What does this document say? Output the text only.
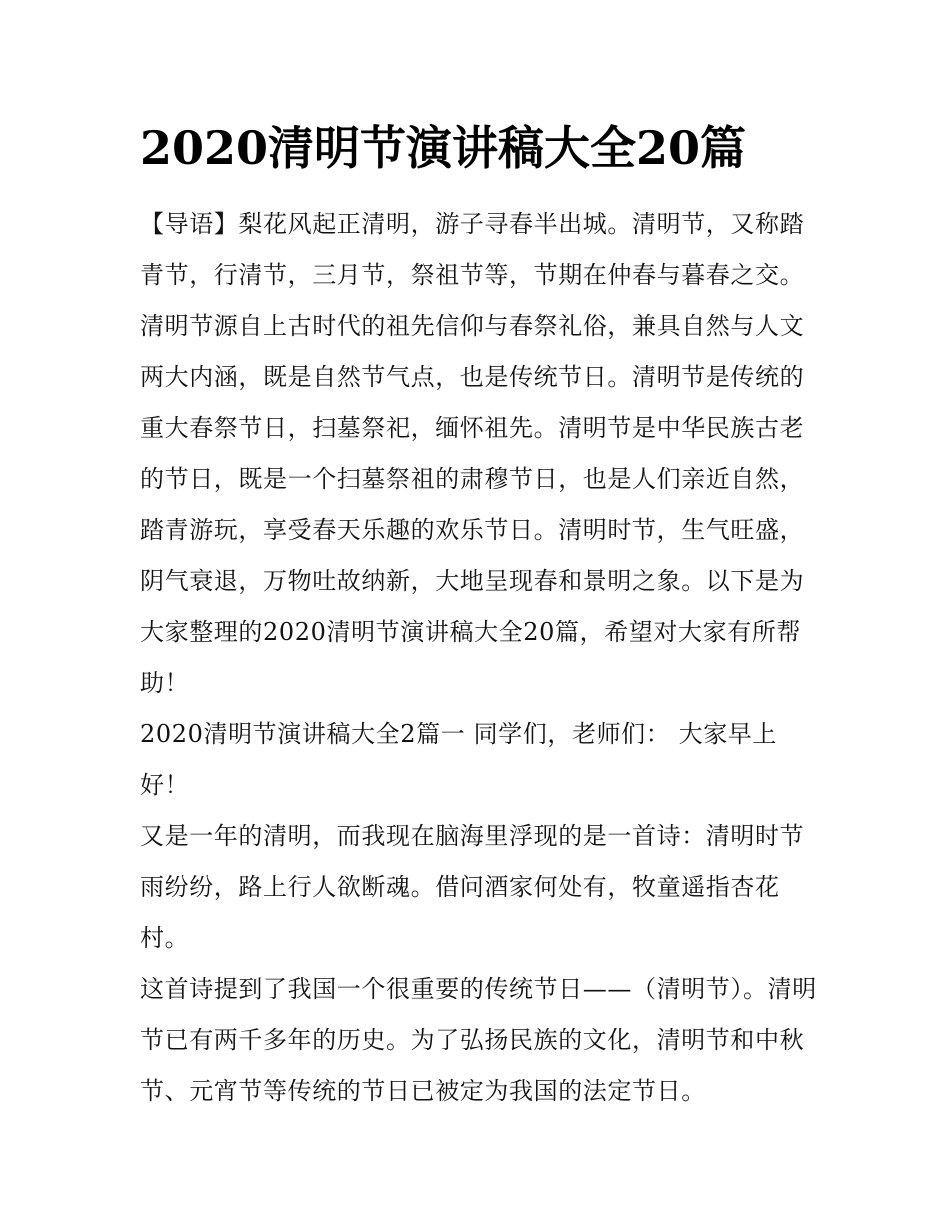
2020清明节演讲稿大全20篇

【导语】梨花风起正清明，游子寻春半出城。清明节，又称踏青节，行清节，三月节，祭祖节等，节期在仲春与暮春之交。清明节源自上古时代的祖先信仰与春祭礼俗，兼具自然与人文两大内涵，既是自然节气点，也是传统节日。清明节是传统的重大春祭节日，扫墓祭祀，缅怀祖先。清明节是中华民族古老的节日，既是一个扫墓祭祖的肃穆节日，也是人们亲近自然，踏青游玩，享受春天乐趣的欢乐节日。清明时节，生气旺盛，阴气衰退，万物吐故纳新，大地呈现春和景明之象。以下是为大家整理的2020清明节演讲稿大全20篇，希望对大家有所帮助！

2020清明节演讲稿大全2篇一 同学们，老师们： 大家早上好！

又是一年的清明，而我现在脑海里浮现的是一首诗：清明时节雨纷纷，路上行人欲断魂。借问酒家何处有，牧童遥指杏花村。

这首诗提到了我国一个很重要的传统节日——（清明节）。清明节已有两千多年的历史。为了弘扬民族的文化，清明节和中秋节、元宵节等传统的节日已被定为我国的法定节日。
